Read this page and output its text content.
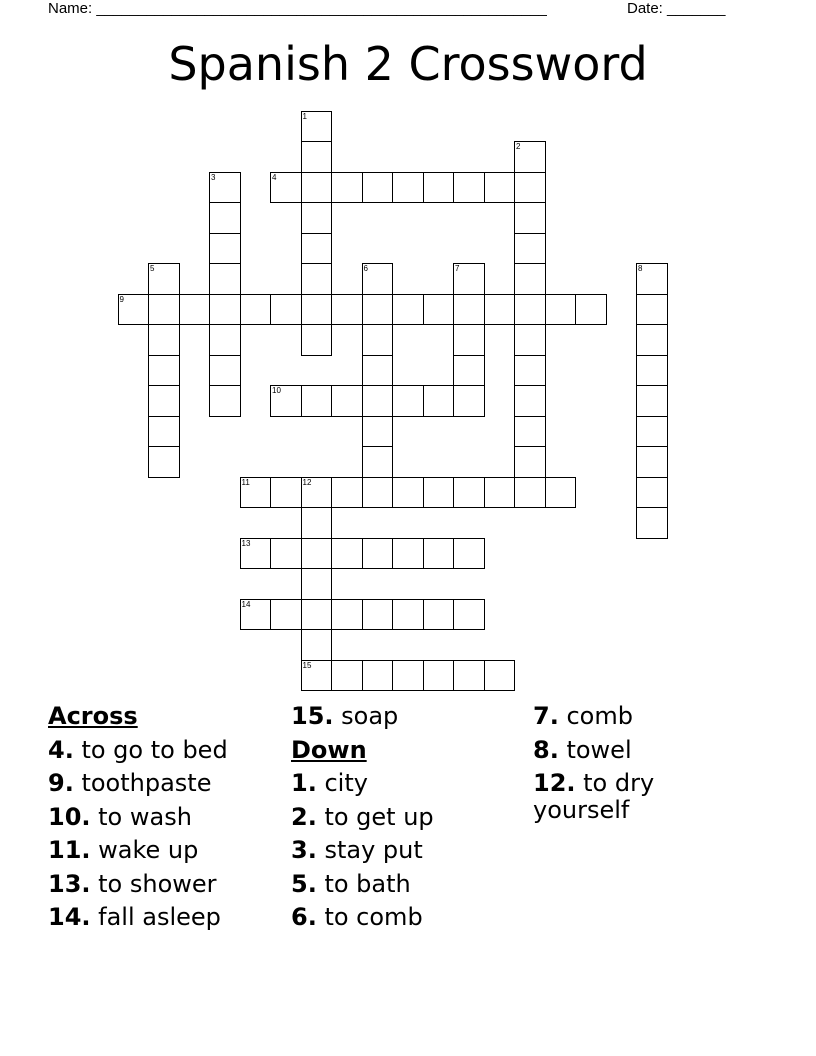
Name: ______________________________________________________	Date: _______
Spanish 2 Crossword
1
2
3	4
5	6	7	8
9
10
11	12
15
13
14
Across
4. to go to bed
9. toothpaste
10. to wash
11. wake up
13. to shower
14. fall asleep
15. soap
Down
1. city
2. to get up
3. stay put
5. to bath
6. to comb
7. comb
8. towel
12. to dry yourself
